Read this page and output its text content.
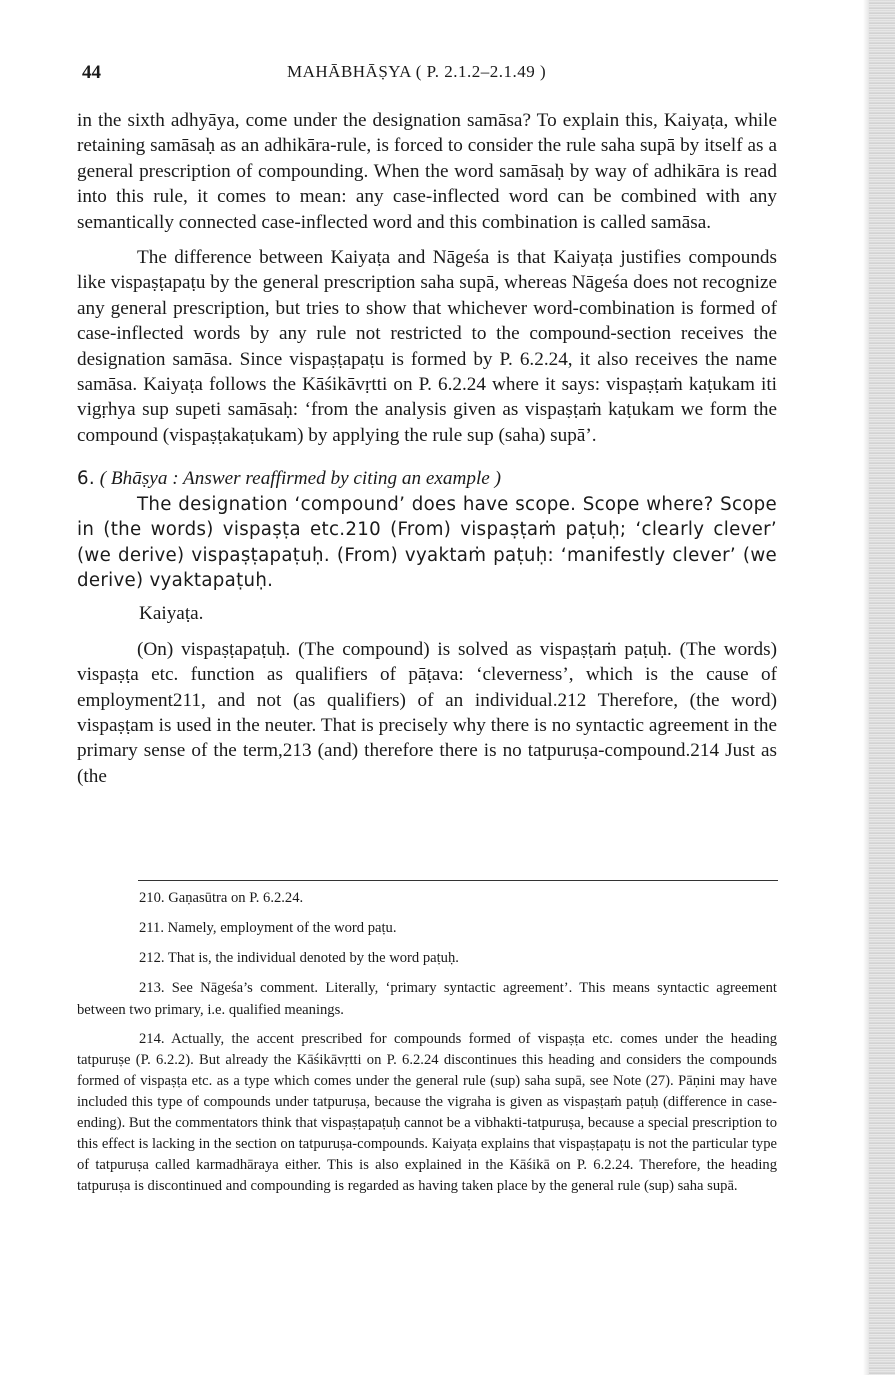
44	MAHĀBHĀṢYA ( P. 2.1.2–2.1.49 )

in the sixth adhyāya, come under the designation samāsa? To explain this, Kaiyaṭa, while retaining samāsaḥ as an adhikāra-rule, is forced to consider the rule saha supā by itself as a general prescription of compounding. When the word samāsaḥ by way of adhikāra is read into this rule, it comes to mean: any case-inflected word can be combined with any semantically connected case-inflected word and this combination is called samāsa.

The difference between Kaiyaṭa and Nāgeśa is that Kaiyaṭa justifies compounds like vispaṣṭapaṭu by the general prescription saha supā, whereas Nāgeśa does not recognize any general prescription, but tries to show that whichever word-combination is formed of case-inflected words by any rule not restricted to the compound-section receives the designation samāsa. Since vispaṣṭapaṭu is formed by P. 6.2.24, it also receives the name samāsa. Kaiyaṭa follows the Kāśikāvṛtti on P. 6.2.24 where it says: vispaṣṭaṁ kaṭukam iti vigṛhya sup supeti samāsaḥ: ‘from the analysis given as vispaṣṭaṁ kaṭukam we form the compound (vispaṣṭakaṭukam) by applying the rule sup (saha) supā’.

6. ( Bhāṣya : Answer reaffirmed by citing an example )

The designation ‘compound’ does have scope. Scope where? Scope in (the words) vispaṣṭa etc.210 (From) vispaṣṭaṁ paṭuḥ; ‘clearly clever’ (we derive) vispaṣṭapaṭuḥ. (From) vyaktaṁ paṭuḥ: ‘manifestly clever’ (we derive) vyaktapaṭuḥ.

Kaiyaṭa.

(On) vispaṣṭapaṭuḥ. (The compound) is solved as vispaṣṭaṁ paṭuḥ. (The words) vispaṣṭa etc. function as qualifiers of pāṭava: ‘cleverness’, which is the cause of employment211, and not (as qualifiers) of an individual.212 Therefore, (the word) vispaṣṭam is used in the neuter. That is precisely why there is no syntactic agreement in the primary sense of the term,213 (and) therefore there is no tatpuruṣa-compound.214 Just as (the

210. Gaṇasūtra on P. 6.2.24.

211. Namely, employment of the word paṭu.

212. That is, the individual denoted by the word paṭuḥ.

213. See Nāgeśa’s comment. Literally, ‘primary syntactic agreement’. This means syntactic agreement between two primary, i.e. qualified meanings.

214. Actually, the accent prescribed for compounds formed of vispaṣṭa etc. comes under the heading tatpuruṣe (P. 6.2.2). But already the Kāśikāvṛtti on P. 6.2.24 discontinues this heading and considers the compounds formed of vispaṣṭa etc. as a type which comes under the general rule (sup) saha supā, see Note (27). Pāṇini may have included this type of compounds under tatpuruṣa, because the vigraha is given as vispaṣṭaṁ paṭuḥ (difference in case-ending). But the commentators think that vispaṣṭapaṭuḥ cannot be a vibhakti-tatpuruṣa, because a special prescription to this effect is lacking in the section on tatpuruṣa-compounds. Kaiyaṭa explains that vispaṣṭapaṭu is not the particular type of tatpuruṣa called karmadhāraya either. This is also explained in the Kāśikā on P. 6.2.24. Therefore, the heading tatpuruṣa is discontinued and compounding is regarded as having taken place by the general rule (sup) saha supā.
